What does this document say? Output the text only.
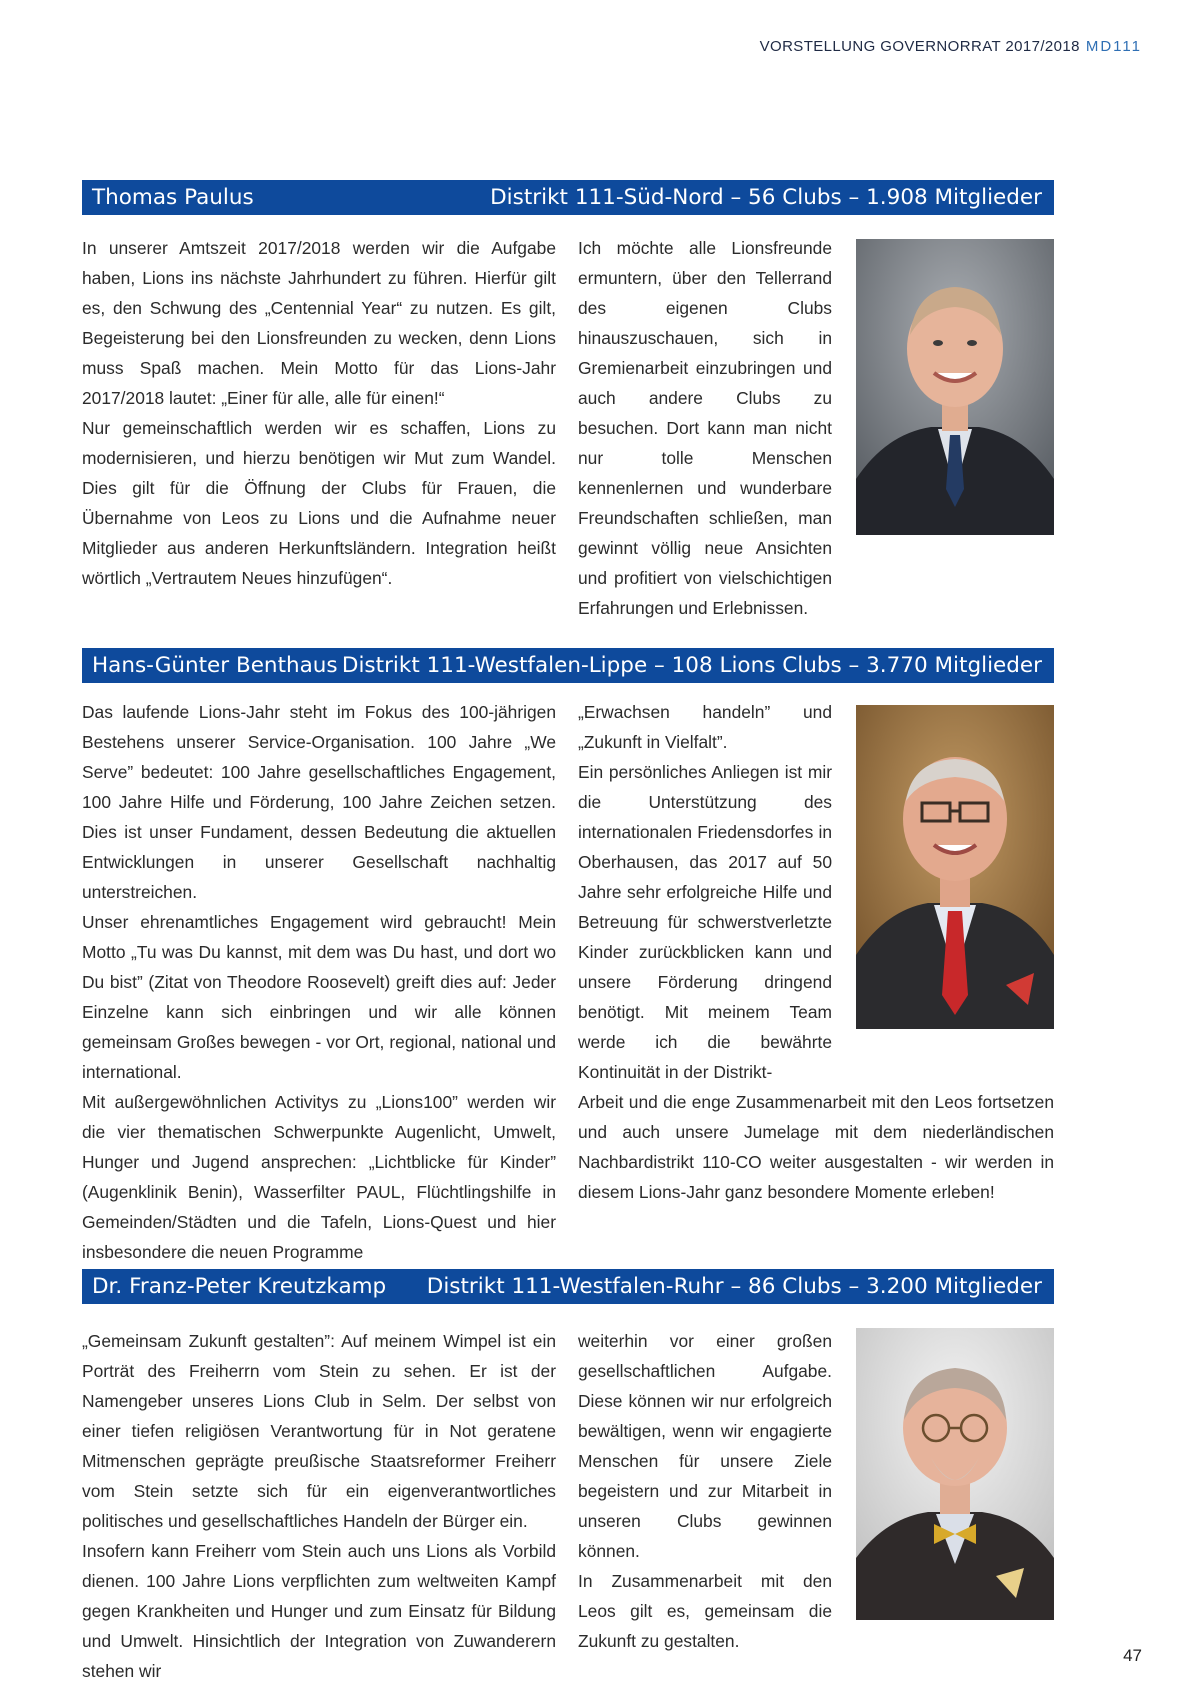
VORSTELLUNG GOVERNORRAT 2017/2018 MD111
Thomas Paulus	Distrikt 111-Süd-Nord – 56 Clubs – 1.908 Mitglieder

In unserer Amtszeit 2017/2018 werden wir die Aufgabe haben, Lions ins nächste Jahrhundert zu führen. Hierfür gilt es, den Schwung des „Centennial Year“ zu nutzen. Es gilt, Begeisterung bei den Lionsfreunden zu wecken, denn Lions muss Spaß machen. Mein Motto für das Lions-Jahr 2017/2018 lautet: „Einer für alle, alle für einen!“

Nur gemeinschaftlich werden wir es schaffen, Lions zu modernisieren, und hierzu benötigen wir Mut zum Wandel. Dies gilt für die Öffnung der Clubs für Frauen, die Übernahme von Leos zu Lions und die Aufnahme neuer Mitglieder aus anderen Herkunftsländern. Integration heißt wörtlich „Vertrautem Neues hinzufügen“.

Ich möchte alle Lionsfreunde ermuntern, über den Tellerrand des eigenen Clubs hinauszuschauen, sich in Gremienarbeit einzubringen und auch andere Clubs zu besuchen. Dort kann man nicht nur tolle Menschen kennenlernen und wunderbare Freundschaften schließen, man gewinnt völlig neue Ansichten und profitiert von vielschichtigen Erfahrungen und Erlebnissen.

Hans-Günter Benthaus Distrikt 111-Westfalen-Lippe – 108 Lions Clubs – 3.770 Mitglieder

Das laufende Lions-Jahr steht im Fokus des 100-jährigen Bestehens unserer Service-Organisation. 100 Jahre „We Serve” bedeutet: 100 Jahre gesellschaftliches Engagement, 100 Jahre Hilfe und Förderung, 100 Jahre Zeichen setzen. Dies ist unser Fundament, dessen Bedeutung die aktuellen Entwicklungen in unserer Gesellschaft nachhaltig unterstreichen.

Unser ehrenamtliches Engagement wird gebraucht! Mein Motto „Tu was Du kannst, mit dem was Du hast, und dort wo Du bist” (Zitat von Theodore Roosevelt) greift dies auf: Jeder Einzelne kann sich einbringen und wir alle können gemeinsam Großes bewegen - vor Ort, regional, national und international.

Mit außergewöhnlichen Activitys zu „Lions100” werden wir die vier thematischen Schwerpunkte Augenlicht, Umwelt, Hunger und Jugend ansprechen: „Lichtblicke für Kinder” (Augenklinik Benin), Wasserfilter PAUL, Flüchtlingshilfe in Gemeinden/Städten und die Tafeln, Lions-Quest und hier insbesondere die neuen Programme

„Erwachsen handeln” und „Zukunft in Vielfalt”.

Ein persönliches Anliegen ist mir die Unterstützung des internationalen Friedensdorfes in Oberhausen, das 2017 auf 50 Jahre sehr erfolgreiche Hilfe und Betreuung für schwerstverletzte Kinder zurückblicken kann und unsere Förderung dringend benötigt. Mit meinem Team werde ich die bewährte Kontinuität in der Distrikt-

Arbeit und die enge Zusammenarbeit mit den Leos fortsetzen und auch unsere Jumelage mit dem niederländischen Nachbardistrikt 110-CO weiter ausgestalten - wir werden in diesem Lions-Jahr ganz besondere Momente erleben!

Dr. Franz-Peter Kreutzkamp Distrikt 111-Westfalen-Ruhr – 86 Clubs – 3.200 Mitglieder

„Gemeinsam Zukunft gestalten”: Auf meinem Wimpel ist ein Porträt des Freiherrn vom Stein zu sehen. Er ist der Namengeber unseres Lions Club in Selm. Der selbst von einer tiefen religiösen Verantwortung für in Not geratene Mitmenschen geprägte preußische Staatsreformer Freiherr vom Stein setzte sich für ein eigenverantwortliches politisches und gesellschaftliches Handeln der Bürger ein.

Insofern kann Freiherr vom Stein auch uns Lions als Vorbild dienen. 100 Jahre Lions verpflichten zum weltweiten Kampf gegen Krankheiten und Hunger und zum Einsatz für Bildung und Umwelt. Hinsichtlich der Integration von Zuwanderern stehen wir

weiterhin vor einer großen gesellschaftlichen Aufgabe. Diese können wir nur erfolgreich bewältigen, wenn wir engagierte Menschen für unsere Ziele begeistern und zur Mitarbeit in unseren Clubs gewinnen können.

In Zusammenarbeit mit den Leos gilt es, gemeinsam die Zukunft zu gestalten.

47
